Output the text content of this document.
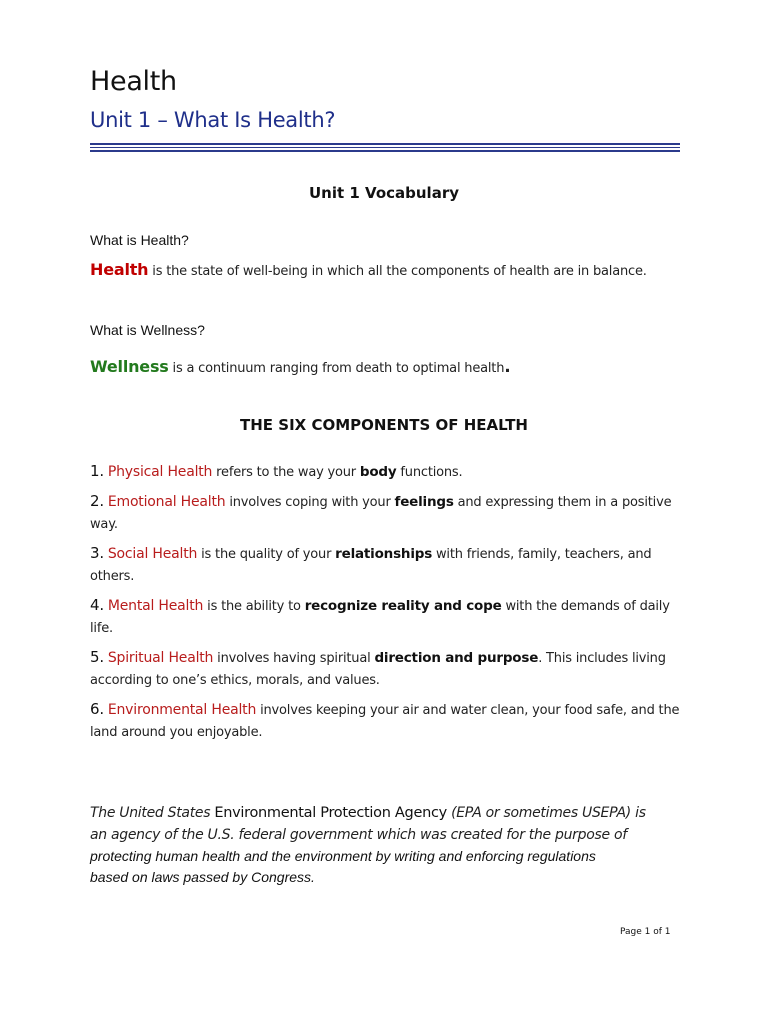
Health
Unit 1 – What Is Health?
Unit 1 Vocabulary
What is Health?
Health is the state of well-being in which all the components of health are in balance.
What is Wellness?
Wellness is a continuum ranging from death to optimal health.
THE SIX COMPONENTS OF HEALTH
1. Physical Health refers to the way your body functions.
2. Emotional Health involves coping with your feelings and expressing them in a positive way.
3. Social Health is the quality of your relationships with friends, family, teachers, and others.
4. Mental Health is the ability to recognize reality and cope with the demands of daily life.
5. Spiritual Health involves having spiritual direction and purpose. This includes living according to one’s ethics, morals, and values.
6. Environmental Health involves keeping your air and water clean, your food safe, and the land around you enjoyable.
The United States Environmental Protection Agency (EPA or sometimes USEPA) is
an agency of the U.S. federal government which was created for the purpose of
protecting human health and the environment by writing and enforcing regulations
based on laws passed by Congress.
Page 1 of 1
